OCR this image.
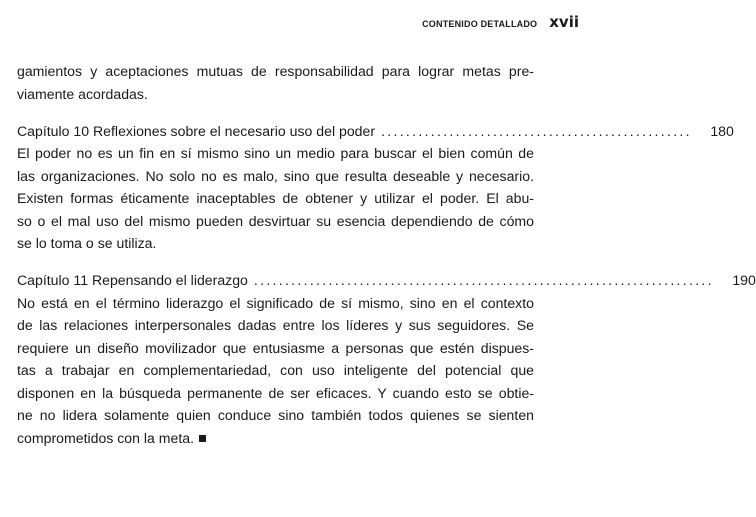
CONTENIDO DETALLADO xvii
gamientos y aceptaciones mutuas de responsabilidad para lograr metas pre-
viamente acordadas.
Capítulo 10 Reflexiones sobre el necesario uso del poder ..................................................	180
El poder no es un fin en sí mismo sino un medio para buscar el bien común de
las organizaciones. No solo no es malo, sino que resulta deseable y necesario.
Existen formas éticamente inaceptables de obtener y utilizar el poder. El abu-
so o el mal uso del mismo pueden desvirtuar su esencia dependiendo de cómo
se lo toma o se utiliza.
Capítulo 11 Repensando el liderazgo ..........................................................................	190
No está en el término liderazgo el significado de sí mismo, sino en el contexto
de las relaciones interpersonales dadas entre los líderes y sus seguidores. Se
requiere un diseño movilizador que entusiasme a personas que estén dispues-
tas a trabajar en complementariedad, con uso inteligente del potencial que
disponen en la búsqueda permanente de ser eficaces. Y cuando esto se obtie-
ne no lidera solamente quien conduce sino también todos quienes se sienten
comprometidos con la meta.
